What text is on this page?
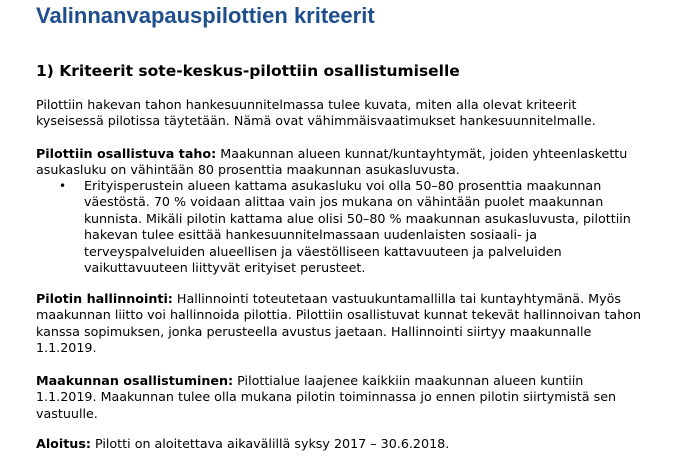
Valinnanvapauspilottien kriteerit
1) Kriteerit sote-keskus-pilottiin osallistumiselle

Pilottiin hakevan tahon hankesuunnitelmassa tulee kuvata, miten alla olevat kriteerit
kyseisessä pilotissa täytetään. Nämä ovat vähimmäisvaatimukset hankesuunnitelmalle.

Pilottiin osallistuva taho: Maakunnan alueen kunnat/kuntayhtymät, joiden yhteenlaskettu
asukasluku on vähintään 80 prosenttia maakunnan asukasluvusta.

• Erityisperustein alueen kattama asukasluku voi olla 50–80 prosenttia maakunnan
väestöstä. 70 % voidaan alittaa vain jos mukana on vähintään puolet maakunnan
kunnista. Mikäli pilotin kattama alue olisi 50–80 % maakunnan asukasluvusta, pilottiin
hakevan tulee esittää hankesuunnitelmassaan uudenlaisten sosiaali- ja
terveyspalveluiden alueellisen ja väestölliseen kattavuuteen ja palveluiden
vaikuttavuuteen liittyvät erityiset perusteet.

Pilotin hallinnointi: Hallinnointi toteutetaan vastuukuntamallilla tai kuntayhtymänä. Myös
maakunnan liitto voi hallinnoida pilottia. Pilottiin osallistuvat kunnat tekevät hallinnoivan tahon
kanssa sopimuksen, jonka perusteella avustus jaetaan. Hallinnointi siirtyy maakunnalle
1.1.2019.

Maakunnan osallistuminen: Pilottialue laajenee kaikkiin maakunnan alueen kuntiin
1.1.2019. Maakunnan tulee olla mukana pilotin toiminnassa jo ennen pilotin siirtymistä sen
vastuulle.

Aloitus: Pilotti on aloitettava aikavälillä syksy 2017 – 30.6.2018.
